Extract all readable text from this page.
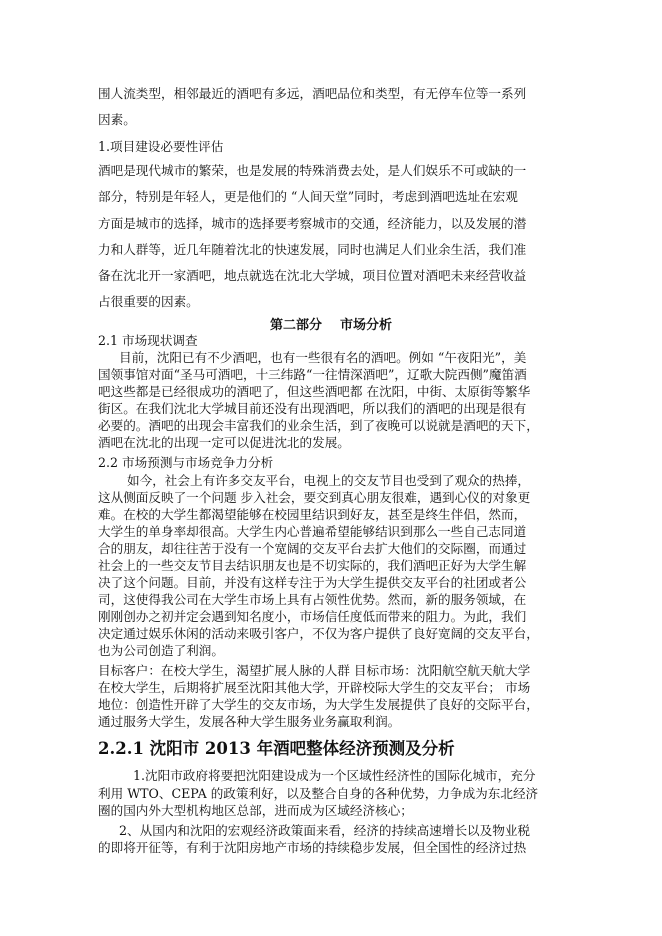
围人流类型，相邻最近的酒吧有多远，酒吧品位和类型，有无停车位等一系列
因素。
1.项目建设必要性评估
酒吧是现代城市的繁荣，也是发展的特殊消费去处，是人们娱乐不可或缺的一
部分，特别是年轻人，更是他们的 “人间天堂”同时，考虑到酒吧选址在宏观
方面是城市的选择，城市的选择要考察城市的交通，经济能力，以及发展的潜
力和人群等，近几年随着沈北的快速发展，同时也满足人们业余生活，我们准
备在沈北开一家酒吧，地点就选在沈北大学城，项目位置对酒吧未来经营收益
占很重要的因素。
第二部分    市场分析
2.1 市场现状调查
目前，沈阳已有不少酒吧，也有一些很有名的酒吧。例如 “午夜阳光”，美
国领事馆对面“圣马可酒吧，十三纬路“一往情深酒吧”，辽歌大院西侧”魔笛酒
吧这些都是已经很成功的酒吧了，但这些酒吧都 在沈阳，中街、太原街等繁华
街区。在我们沈北大学城目前还没有出现酒吧，所以我们的酒吧的出现是很有
必要的。酒吧的出现会丰富我们的业余生活，到了夜晚可以说就是酒吧的天下，
酒吧在沈北的出现一定可以促进沈北的发展。
2.2 市场预测与市场竞争力分析
如今，社会上有许多交友平台，电视上的交友节目也受到了观众的热捧，
这从侧面反映了一个问题 步入社会，要交到真心朋友很难，遇到心仪的对象更
难。在校的大学生都渴望能够在校园里结识到好友，甚至是终生伴侣，然而，
大学生的单身率却很高。大学生内心普遍希望能够结识到那么一些自己志同道
合的朋友，却往往苦于没有一个宽阔的交友平台去扩大他们的交际圈，而通过
社会上的一些交友节目去结识朋友也是不切实际的，我们酒吧正好为大学生解
决了这个问题。目前，并没有这样专注于为大学生提供交友平台的社团或者公
司，这使得我公司在大学生市场上具有占领性优势。然而，新的服务领域，在
刚刚创办之初并定会遇到知名度小，市场信任度低而带来的阻力。为此，我们
决定通过娱乐休闲的活动来吸引客户，不仅为客户提供了良好宽阔的交友平台，
也为公司创造了利润。
目标客户：在校大学生，渴望扩展人脉的人群 目标市场：沈阳航空航天航大学
在校大学生，后期将扩展至沈阳其他大学，开辟校际大学生的交友平台； 市场
地位：创造性开辟了大学生的交友市场，为大学生发展提供了良好的交际平台，
通过服务大学生，发展各种大学生服务业务赢取利润。
2.2.1 沈阳市 2013 年酒吧整体经济预测及分析
1.沈阳市政府将要把沈阳建设成为一个区域性经济性的国际化城市，充分
利用 WTO、CEPA 的政策利好，以及整合自身的各种优势，力争成为东北经济
圈的国内外大型机构地区总部，进而成为区域经济核心；
2、从国内和沈阳的宏观经济政策面来看，经济的持续高速增长以及物业税
的即将开征等，有利于沈阳房地产市场的持续稳步发展，但全国性的经济过热
